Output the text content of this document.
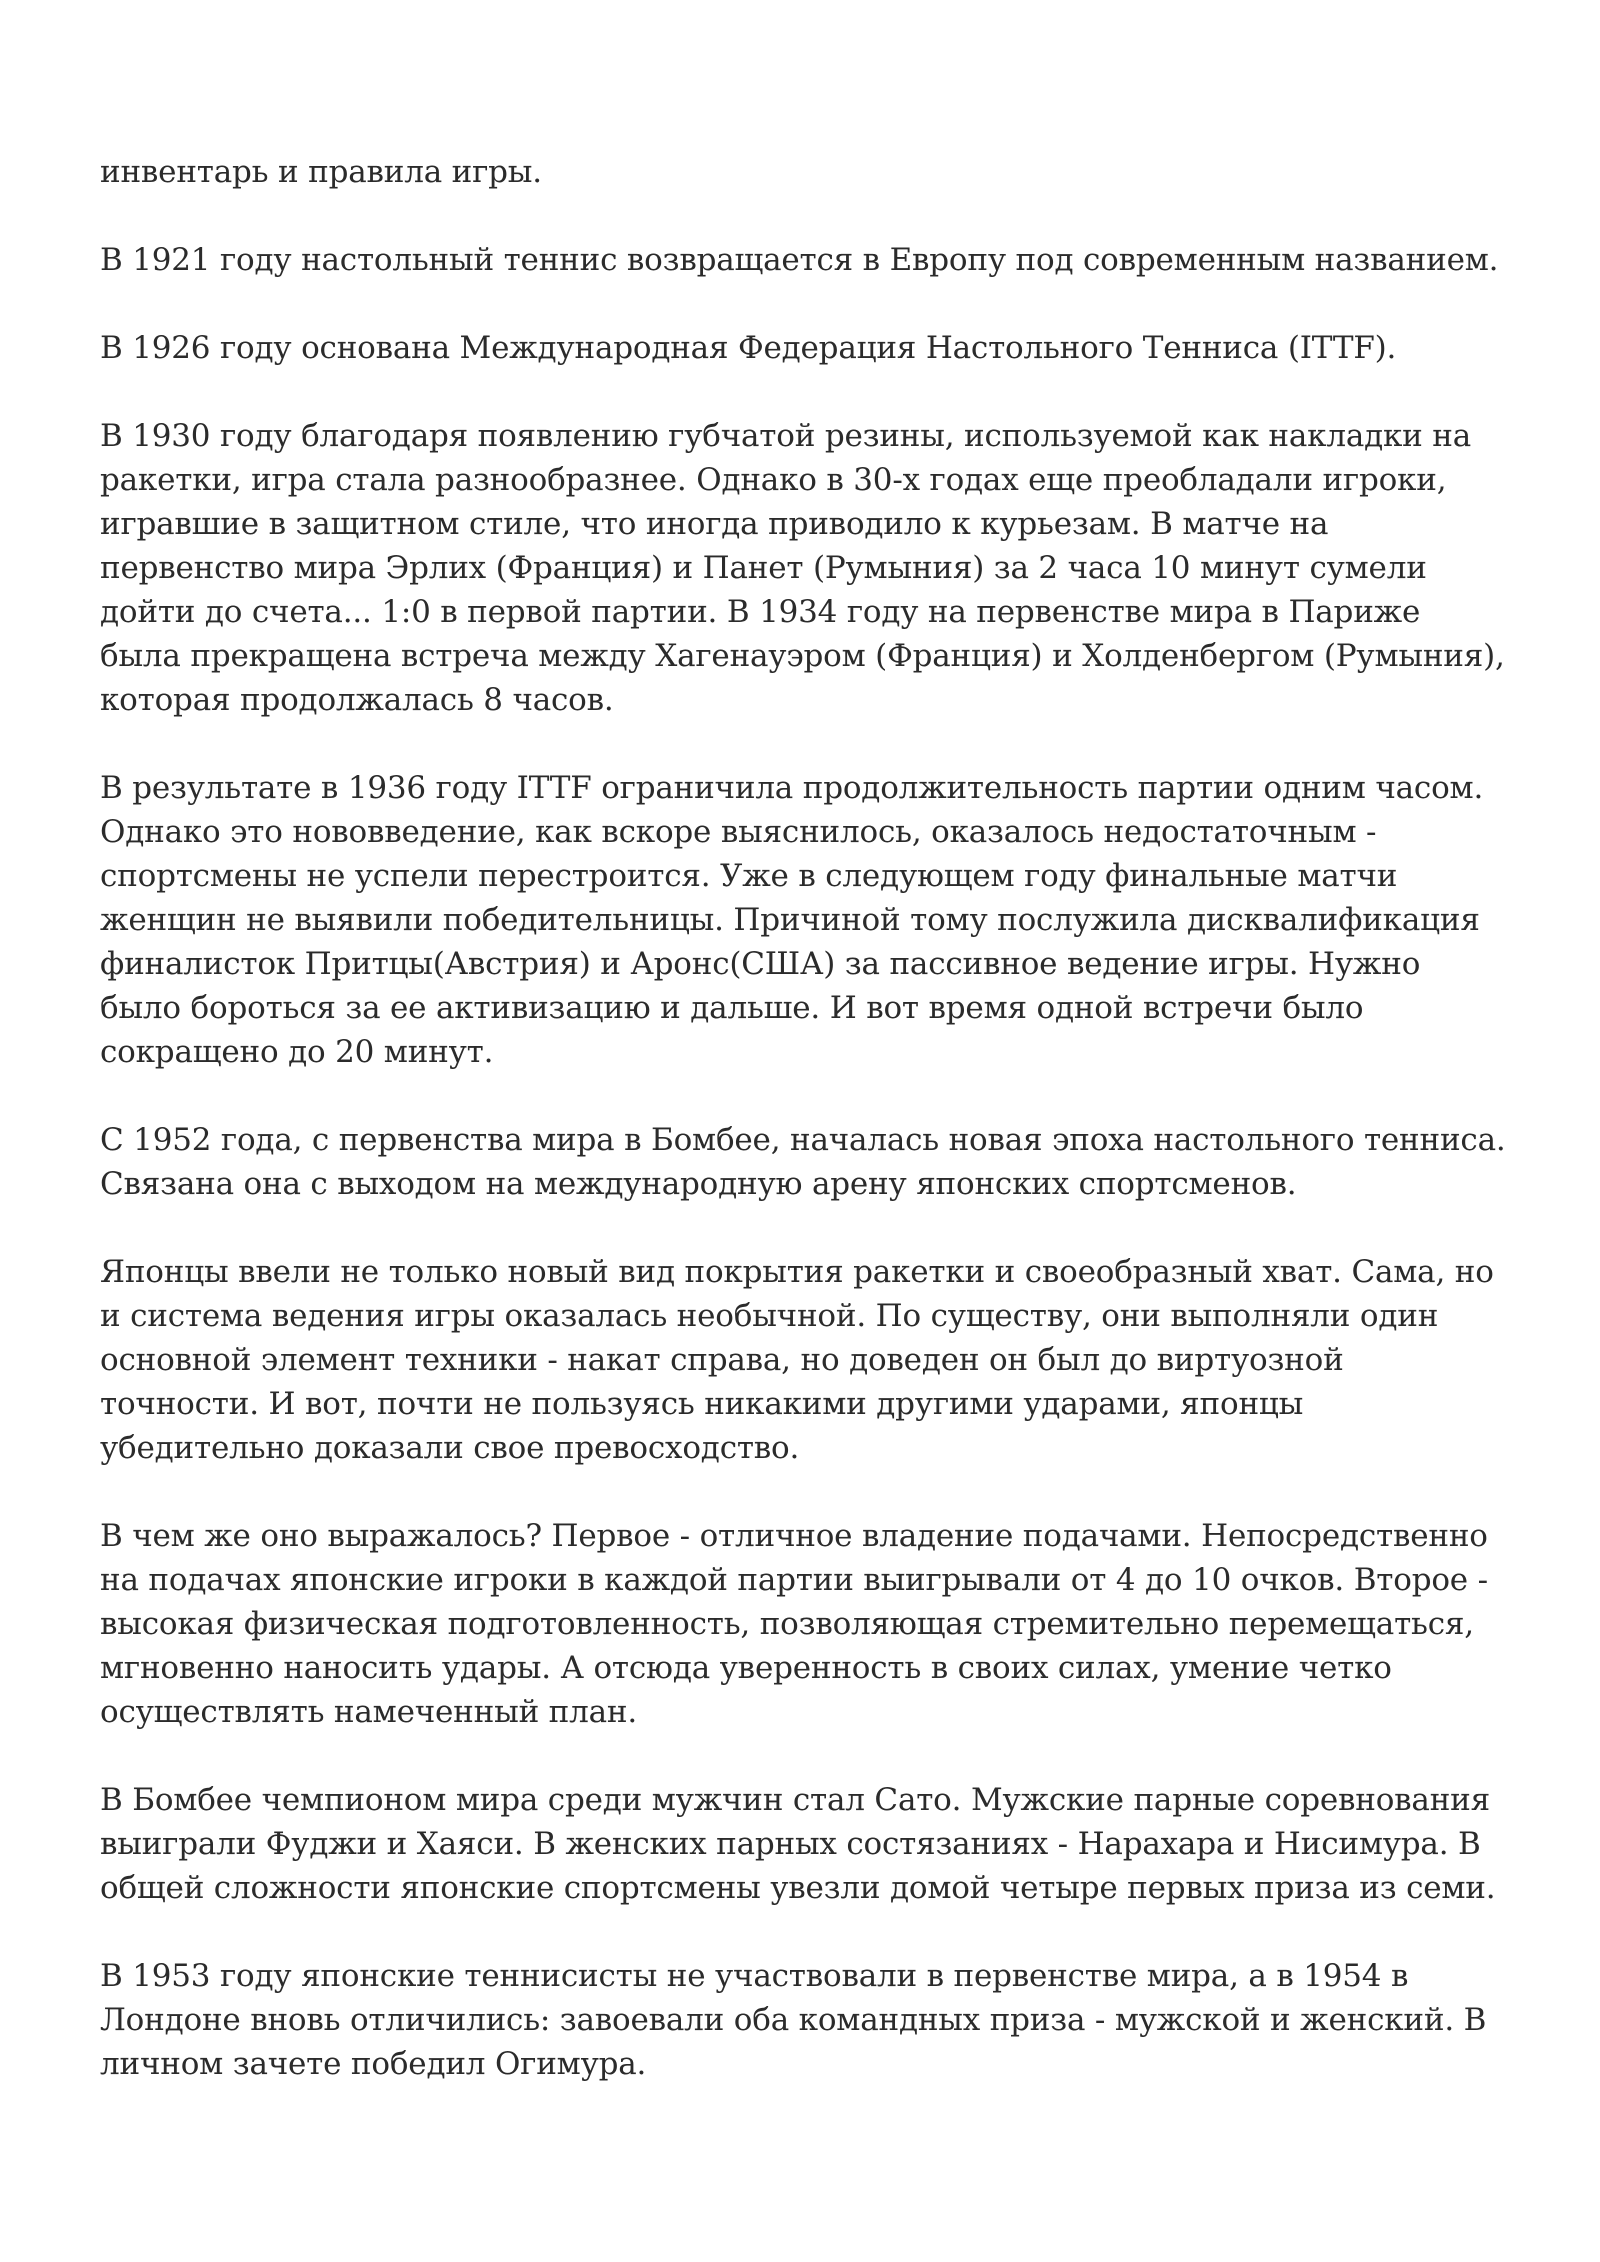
инвентарь и правила игры.

В 1921 году настольный теннис возвращается в Европу под современным названием.

В 1926 году основана Международная Федерация Настольного Тенниса (ITTF).

В 1930 году благодаря появлению губчатой резины, используемой как накладки на ракетки, игра стала разнообразнее. Однако в 30-х годах еще преобладали игроки, игравшие в защитном стиле, что иногда приводило к курьезам. В матче на первенство мира Эрлих (Франция) и Панет (Румыния) за 2 часа 10 минут сумели дойти до счета... 1:0 в первой партии. В 1934 году на первенстве мира в Париже была прекращена встреча между Хагенауэром (Франция) и Холденбергом (Румыния), которая продолжалась 8 часов.

В результате в 1936 году ITTF ограничила продолжительность партии одним часом. Однако это нововведение, как вскоре выяснилось, оказалось недостаточным - спортсмены не успели перестроится. Уже в следующем году финальные матчи женщин не выявили победительницы. Причиной тому послужила дисквалификация финалисток Притцы(Австрия) и Аронс(США) за пассивное ведение игры. Нужно было бороться за ее активизацию и дальше. И вот время одной встречи было сокращено до 20 минут.

С 1952 года, с первенства мира в Бомбее, началась новая эпоха настольного тенниса. Связана она с выходом на международную арену японских спортсменов.

Японцы ввели не только новый вид покрытия ракетки и своеобразный хват. Сама, но и система ведения игры оказалась необычной. По существу, они выполняли один основной элемент техники - накат справа, но доведен он был до виртуозной точности. И вот, почти не пользуясь никакими другими ударами, японцы убедительно доказали свое превосходство.

В чем же оно выражалось? Первое - отличное владение подачами. Непосредственно на подачах японские игроки в каждой партии выигрывали от 4 до 10 очков. Второе - высокая физическая подготовленность, позволяющая стремительно перемещаться, мгновенно наносить удары. А отсюда уверенность в своих силах, умение четко осуществлять намеченный план.

В Бомбее чемпионом мира среди мужчин стал Сато. Мужские парные соревнования выиграли Фуджи и Хаяси. В женских парных состязаниях - Нарахара и Нисимура. В общей сложности японские спортсмены увезли домой четыре первых приза из семи.

В 1953 году японские теннисисты не участвовали в первенстве мира, а в 1954 в Лондоне вновь отличились: завоевали оба командных приза - мужской и женский. В личном зачете победил Огимура.
